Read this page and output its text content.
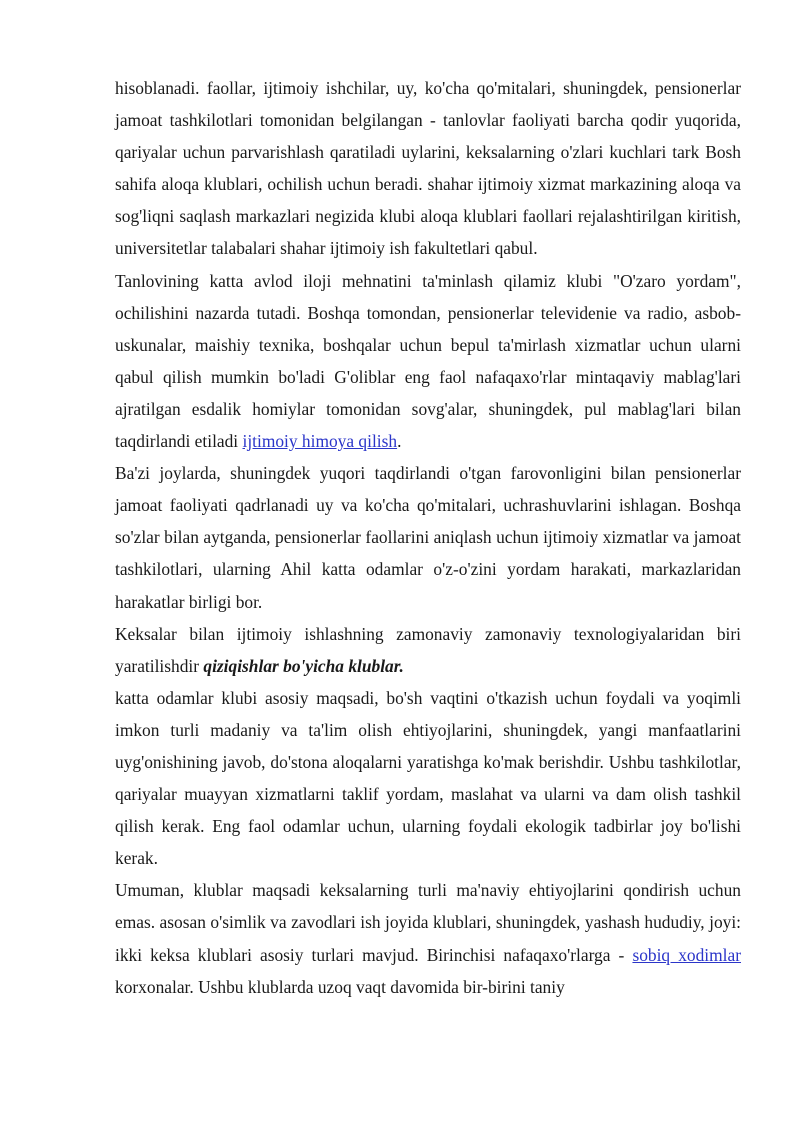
hisoblanadi. faollar, ijtimoiy ishchilar, uy, ko'cha qo'mitalari, shuningdek, pensionerlar jamoat tashkilotlari tomonidan belgilangan - tanlovlar faoliyati barcha qodir yuqorida, qariyalar uchun parvarishlash qaratiladi uylarini, keksalarning o'zlari kuchlari tark Bosh sahifa aloqa klublari, ochilish uchun beradi. shahar ijtimoiy xizmat markazining aloqa va sog'liqni saqlash markazlari negizida klubi aloqa klublari faollari rejalashtirilgan kiritish, universitetlar talabalari shahar ijtimoiy ish fakultetlari qabul.

Tanlovining katta avlod iloji mehnatini ta'minlash qilamiz klubi "O'zaro yordam", ochilishini nazarda tutadi. Boshqa tomondan, pensionerlar televidenie va radio, asbob-uskunalar, maishiy texnika, boshqalar uchun bepul ta'mirlash xizmatlar uchun ularni qabul qilish mumkin bo'ladi G'oliblar eng faol nafaqaxo'rlar mintaqaviy mablag'lari ajratilgan esdalik homiylar tomonidan sovg'alar, shuningdek, pul mablag'lari bilan taqdirlandi etiladi ijtimoiy himoya qilish.

Ba'zi joylarda, shuningdek yuqori taqdirlandi o'tgan farovonligini bilan pensionerlar jamoat faoliyati qadrlanadi uy va ko'cha qo'mitalari, uchrashuvlarini ishlagan. Boshqa so'zlar bilan aytganda, pensionerlar faollarini aniqlash uchun ijtimoiy xizmatlar va jamoat tashkilotlari, ularning Ahil katta odamlar o'z-o'zini yordam harakati, markazlaridan harakatlar birligi bor.

Keksalar bilan ijtimoiy ishlashning zamonaviy zamonaviy texnologiyalaridan biri yaratilishdir qiziqishlar bo'yicha klublar.

katta odamlar klubi asosiy maqsadi, bo'sh vaqtini o'tkazish uchun foydali va yoqimli imkon turli madaniy va ta'lim olish ehtiyojlarini, shuningdek, yangi manfaatlarini uyg'onishining javob, do'stona aloqalarni yaratishga ko'mak berishdir. Ushbu tashkilotlar, qariyalar muayyan xizmatlarni taklif yordam, maslahat va ularni va dam olish tashkil qilish kerak. Eng faol odamlar uchun, ularning foydali ekologik tadbirlar joy bo'lishi kerak.

Umuman, klublar maqsadi keksalarning turli ma'naviy ehtiyojlarini qondirish uchun emas. asosan o'simlik va zavodlari ish joyida klublari, shuningdek, yashash hududiy, joyi: ikki keksa klublari asosiy turlari mavjud. Birinchisi nafaqaxo'rlarga - sobiq xodimlar korxonalar. Ushbu klublarda uzoq vaqt davomida bir-birini taniy
